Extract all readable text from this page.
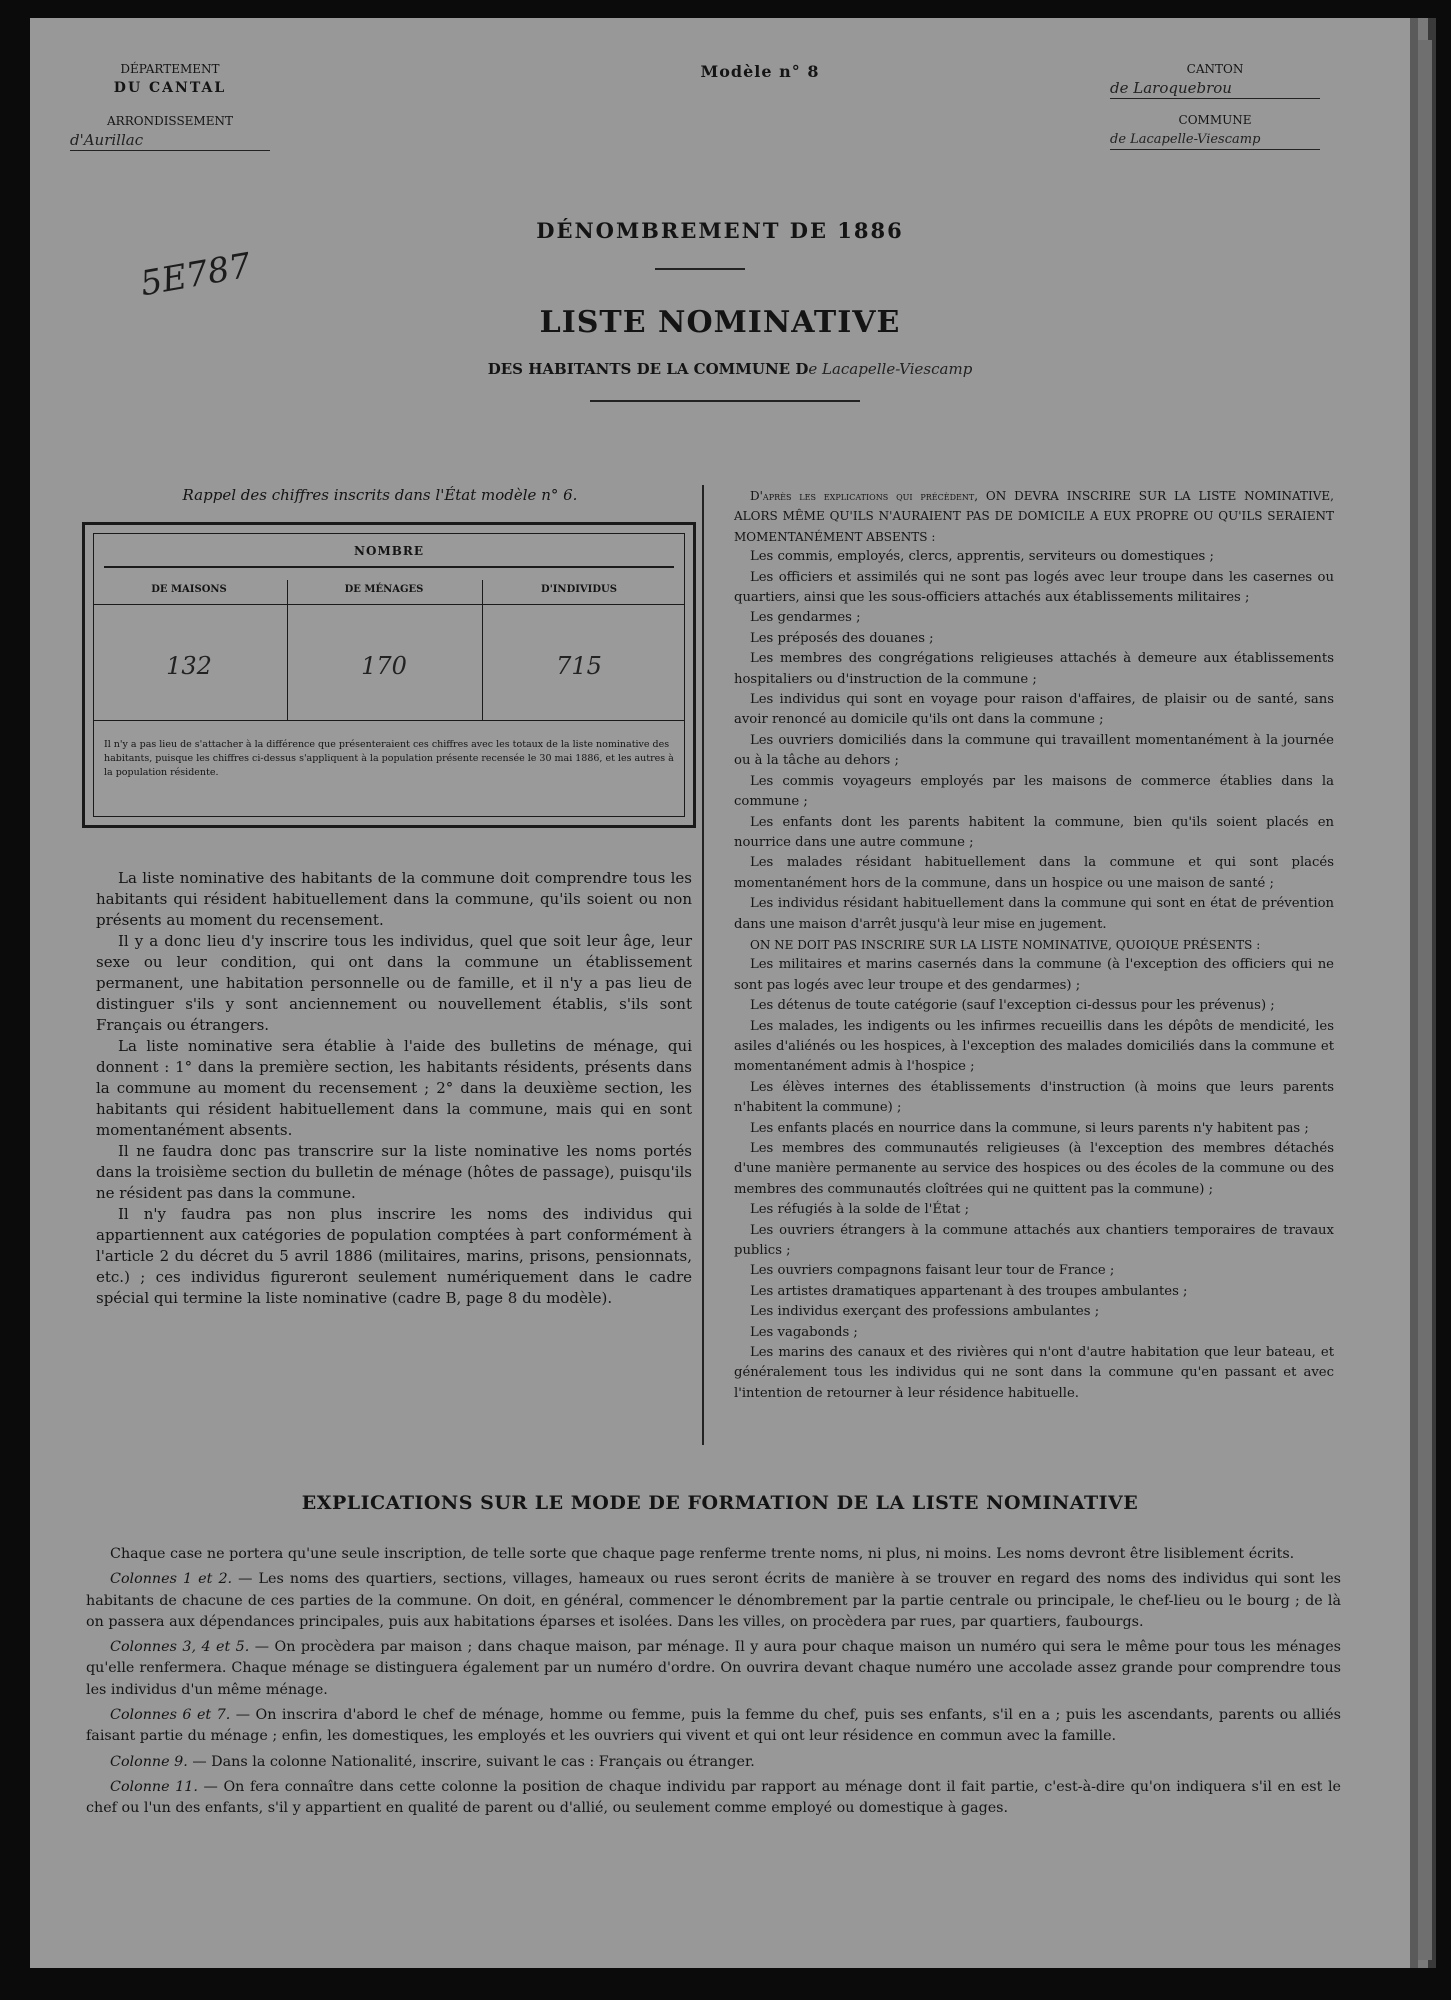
DÉPARTEMENT
DU CANTAL
ARRONDISSEMENT
d'Aurillac
Modèle n° 8	CANTON
de Laroquebrou
COMMUNE
de Lacapelle-Viescamp
5E787
DÉNOMBREMENT DE 1886
LISTE NOMINATIVE
DES HABITANTS DE LA COMMUNE De Lacapelle-Viescamp
Rappel des chiffres inscrits dans l'État modèle n° 6.
NOMBRE
DE MAISONS	DE MÉNAGES	D'INDIVIDUS
132	170	715
Il n'y a pas lieu de s'attacher à la différence que présenteraient ces chiffres avec les totaux de la liste nominative des habitants, puisque les chiffres ci-dessus s'appliquent à la population présente recensée le 30 mai 1886, et les autres à la population résidente.

La liste nominative des habitants de la commune doit comprendre tous les habitants qui résident habituellement dans la commune, qu'ils soient ou non présents au moment du recensement.

Il y a donc lieu d'y inscrire tous les individus, quel que soit leur âge, leur sexe ou leur condition, qui ont dans la commune un établissement permanent, une habitation personnelle ou de famille, et il n'y a pas lieu de distinguer s'ils y sont anciennement ou nouvellement établis, s'ils sont Français ou étrangers.

La liste nominative sera établie à l'aide des bulletins de ménage, qui donnent : 1° dans la première section, les habitants résidents, présents dans la commune au moment du recensement ; 2° dans la deuxième section, les habitants qui résident habituellement dans la commune, mais qui en sont momentanément absents.

Il ne faudra donc pas transcrire sur la liste nominative les noms portés dans la troisième section du bulletin de ménage (hôtes de passage), puisqu'ils ne résident pas dans la commune.

Il n'y faudra pas non plus inscrire les noms des individus qui appartiennent aux catégories de population comptées à part conformément à l'article 2 du décret du 5 avril 1886 (militaires, marins, prisons, pensionnats, etc.) ; ces individus figureront seulement numériquement dans le cadre spécial qui termine la liste nominative (cadre B, page 8 du modèle).

D'après les explications qui précèdent, ON DEVRA INSCRIRE SUR LA LISTE NOMINATIVE, ALORS MÊME QU'ILS N'AURAIENT PAS DE DOMICILE A EUX PROPRE OU QU'ILS SERAIENT MOMENTANÉMENT ABSENTS :

Les commis, employés, clercs, apprentis, serviteurs ou domestiques ;

Les officiers et assimilés qui ne sont pas logés avec leur troupe dans les casernes ou quartiers, ainsi que les sous-officiers attachés aux établissements militaires ;

Les gendarmes ;

Les préposés des douanes ;

Les membres des congrégations religieuses attachés à demeure aux établissements hospitaliers ou d'instruction de la commune ;

Les individus qui sont en voyage pour raison d'affaires, de plaisir ou de santé, sans avoir renoncé au domicile qu'ils ont dans la commune ;

Les ouvriers domiciliés dans la commune qui travaillent momentanément à la journée ou à la tâche au dehors ;

Les commis voyageurs employés par les maisons de commerce établies dans la commune ;

Les enfants dont les parents habitent la commune, bien qu'ils soient placés en nourrice dans une autre commune ;

Les malades résidant habituellement dans la commune et qui sont placés momentanément hors de la commune, dans un hospice ou une maison de santé ;

Les individus résidant habituellement dans la commune qui sont en état de prévention dans une maison d'arrêt jusqu'à leur mise en jugement.

ON NE DOIT PAS INSCRIRE SUR LA LISTE NOMINATIVE, QUOIQUE PRÉSENTS :

Les militaires et marins casernés dans la commune (à l'exception des officiers qui ne sont pas logés avec leur troupe et des gendarmes) ;

Les détenus de toute catégorie (sauf l'exception ci-dessus pour les prévenus) ;

Les malades, les indigents ou les infirmes recueillis dans les dépôts de mendicité, les asiles d'aliénés ou les hospices, à l'exception des malades domiciliés dans la commune et momentanément admis à l'hospice ;

Les élèves internes des établissements d'instruction (à moins que leurs parents n'habitent la commune) ;

Les enfants placés en nourrice dans la commune, si leurs parents n'y habitent pas ;

Les membres des communautés religieuses (à l'exception des membres détachés d'une manière permanente au service des hospices ou des écoles de la commune ou des membres des communautés cloîtrées qui ne quittent pas la commune) ;

Les réfugiés à la solde de l'État ;

Les ouvriers étrangers à la commune attachés aux chantiers temporaires de travaux publics ;

Les ouvriers compagnons faisant leur tour de France ;

Les artistes dramatiques appartenant à des troupes ambulantes ;

Les individus exerçant des professions ambulantes ;

Les vagabonds ;

Les marins des canaux et des rivières qui n'ont d'autre habitation que leur bateau, et généralement tous les individus qui ne sont dans la commune qu'en passant et avec l'intention de retourner à leur résidence habituelle.

EXPLICATIONS SUR LE MODE DE FORMATION DE LA LISTE NOMINATIVE

Chaque case ne portera qu'une seule inscription, de telle sorte que chaque page renferme trente noms, ni plus, ni moins. Les noms devront être lisiblement écrits.

Colonnes 1 et 2. — Les noms des quartiers, sections, villages, hameaux ou rues seront écrits de manière à se trouver en regard des noms des individus qui sont les habitants de chacune de ces parties de la commune. On doit, en général, commencer le dénombrement par la partie centrale ou principale, le chef-lieu ou le bourg ; de là on passera aux dépendances principales, puis aux habitations éparses et isolées. Dans les villes, on procèdera par rues, par quartiers, faubourgs.

Colonnes 3, 4 et 5. — On procèdera par maison ; dans chaque maison, par ménage. Il y aura pour chaque maison un numéro qui sera le même pour tous les ménages qu'elle renfermera. Chaque ménage se distinguera également par un numéro d'ordre. On ouvrira devant chaque numéro une accolade assez grande pour comprendre tous les individus d'un même ménage.

Colonnes 6 et 7. — On inscrira d'abord le chef de ménage, homme ou femme, puis la femme du chef, puis ses enfants, s'il en a ; puis les ascendants, parents ou alliés faisant partie du ménage ; enfin, les domestiques, les employés et les ouvriers qui vivent et qui ont leur résidence en commun avec la famille.

Colonne 9. — Dans la colonne Nationalité, inscrire, suivant le cas : Français ou étranger.

Colonne 11. — On fera connaître dans cette colonne la position de chaque individu par rapport au ménage dont il fait partie, c'est-à-dire qu'on indiquera s'il en est le chef ou l'un des enfants, s'il y appartient en qualité de parent ou d'allié, ou seulement comme employé ou domestique à gages.
